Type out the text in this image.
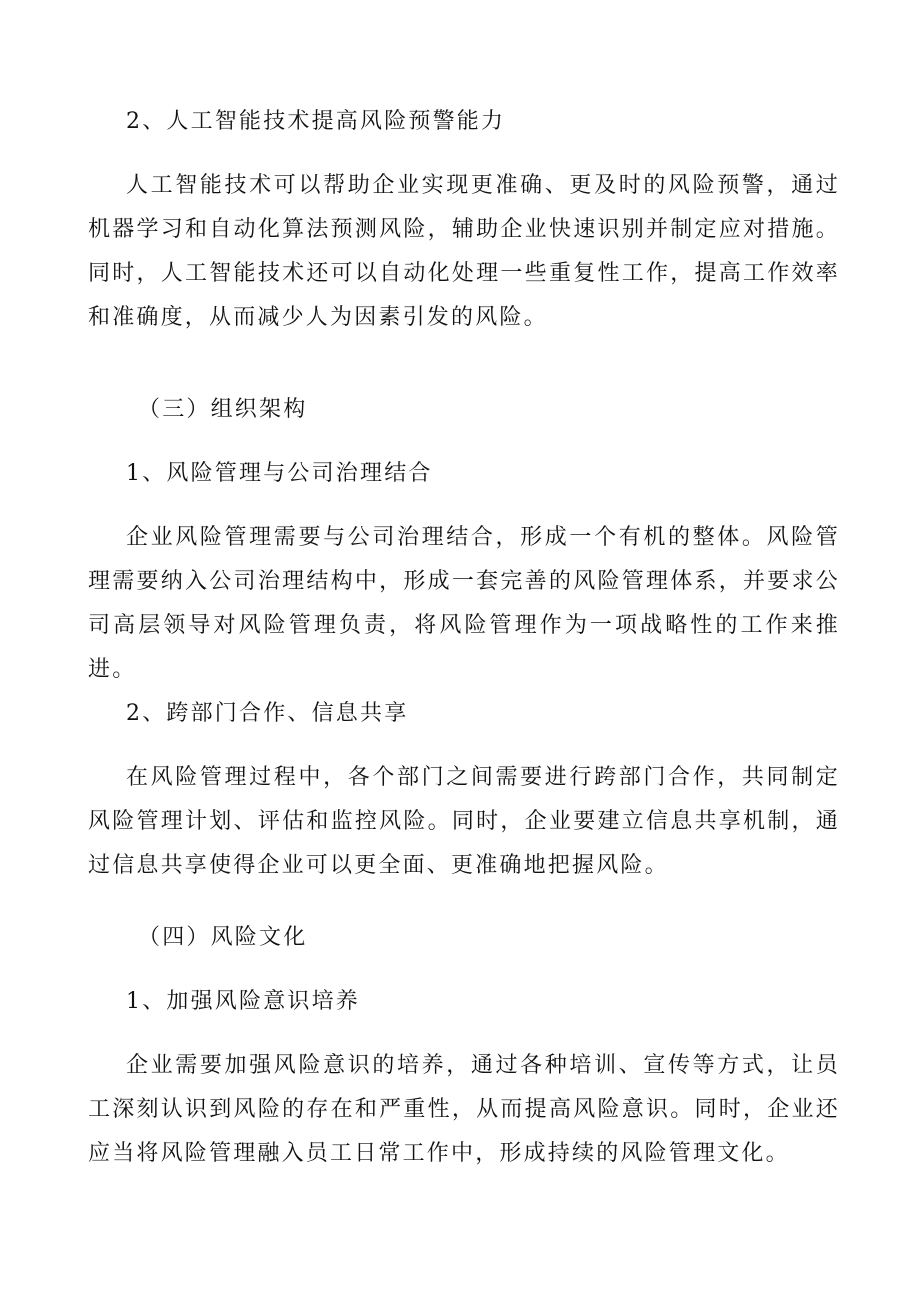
2、人工智能技术提高风险预警能力
人工智能技术可以帮助企业实现更准确、更及时的风险预警，通过机器学习和自动化算法预测风险，辅助企业快速识别并制定应对措施。同时，人工智能技术还可以自动化处理一些重复性工作，提高工作效率和准确度，从而减少人为因素引发的风险。
（三）组织架构
1、风险管理与公司治理结合
企业风险管理需要与公司治理结合，形成一个有机的整体。风险管理需要纳入公司治理结构中，形成一套完善的风险管理体系，并要求公司高层领导对风险管理负责，将风险管理作为一项战略性的工作来推进。
2、跨部门合作、信息共享
在风险管理过程中，各个部门之间需要进行跨部门合作，共同制定风险管理计划、评估和监控风险。同时，企业要建立信息共享机制，通过信息共享使得企业可以更全面、更准确地把握风险。
（四）风险文化
1、加强风险意识培养
企业需要加强风险意识的培养，通过各种培训、宣传等方式，让员工深刻认识到风险的存在和严重性，从而提高风险意识。同时，企业还应当将风险管理融入员工日常工作中，形成持续的风险管理文化。
